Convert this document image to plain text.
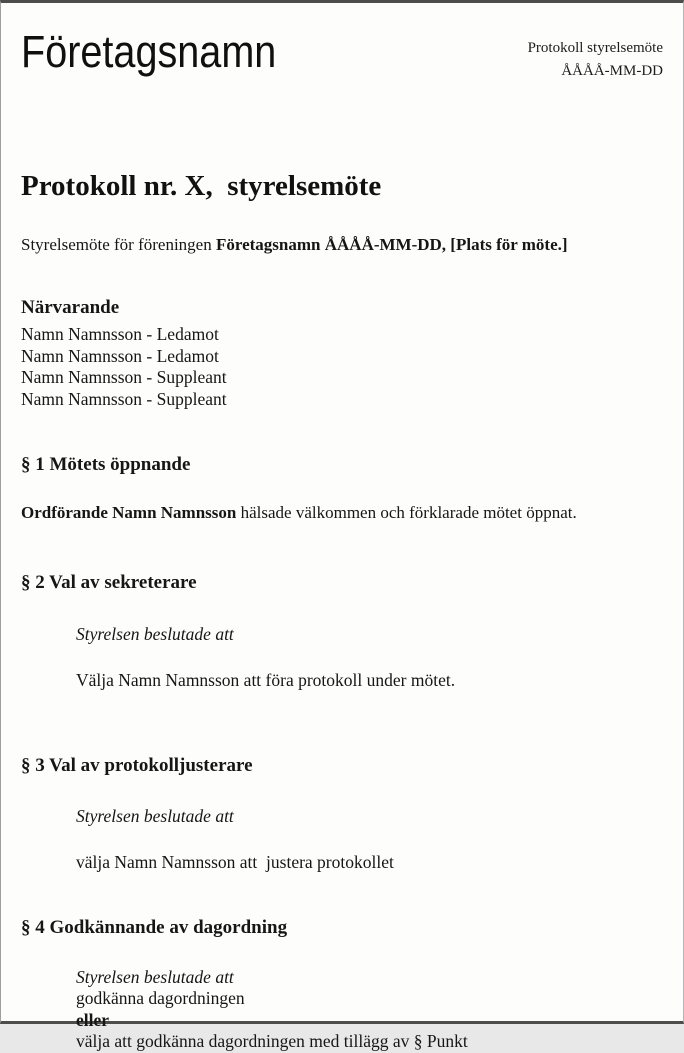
Företagsnamn	Protokoll styrelsemöte
ÅÅÅÅ-MM-DD
Protokoll nr. X,  styrelsemöte

Styrelsemöte för föreningen Företagsnamn ÅÅÅÅ-MM-DD, [Plats för möte.]

Närvarande
Namn Namnsson - Ledamot
Namn Namnsson - Ledamot
Namn Namnsson - Suppleant
Namn Namnsson - Suppleant
§ 1 Mötets öppnande

Ordförande Namn Namnsson hälsade välkommen och förklarade mötet öppnat.

§ 2 Val av sekreterare

Styrelsen beslutade att

Välja Namn Namnsson att föra protokoll under mötet.

§ 3 Val av protokolljusterare

Styrelsen beslutade att

välja Namn Namnsson att  justera protokollet

§ 4 Godkännande av dagordning
Styrelsen beslutade att
godkänna dagordningen
eller
välja att godkänna dagordningen med tillägg av § Punkt
